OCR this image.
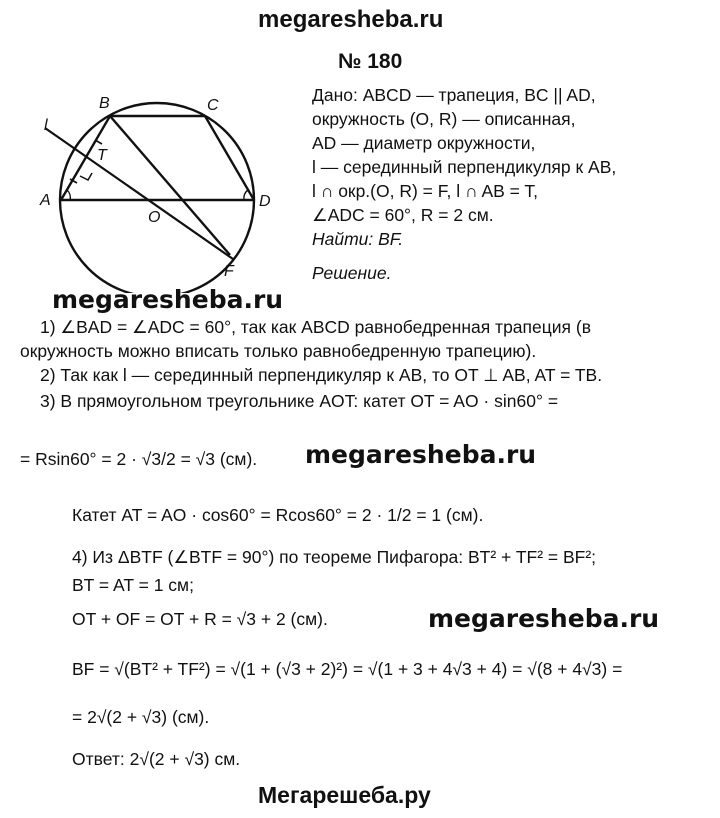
megaresheba.ru
megaresheba.ru
megaresheba.ru
megaresheba.ru
Мегарешеба.ру
№ 180
B	C
A	D
O
T
F
l
Дано: ABCD — трапеция, BC || AD,
окружность (O, R) — описанная,
AD — диаметр окружности,
l — серединный перпендикуляр к AB,
l ∩ окр.(O, R) = F, l ∩ AB = T,
∠ADC = 60°, R = 2 см.
Найти: BF.
Решение.
1) ∠BAD = ∠ADC = 60°, так как ABCD равнобедренная трапеция (в
окружность можно вписать только равнобедренную трапецию).
2) Так как l — серединный перпендикуляр к AB, то OT ⊥ AB, AT = TB.
3) В прямоугольном треугольнике AOT: катет OT = AO · sin60° =
= Rsin60° = 2 · √3/2 = √3 (см).
Катет AT = AO · cos60° = Rcos60° = 2 · 1/2 = 1 (см).
4) Из ΔBTF (∠BTF = 90°) по теореме Пифагора: BT² + TF² = BF²;
BT = AT = 1 см;
OT + OF = OT + R = √3 + 2 (см).
BF = √(BT² + TF²) = √(1 + (√3 + 2)²) = √(1 + 3 + 4√3 + 4) = √(8 + 4√3) =
= 2√(2 + √3) (см).
Ответ: 2√(2 + √3) см.
